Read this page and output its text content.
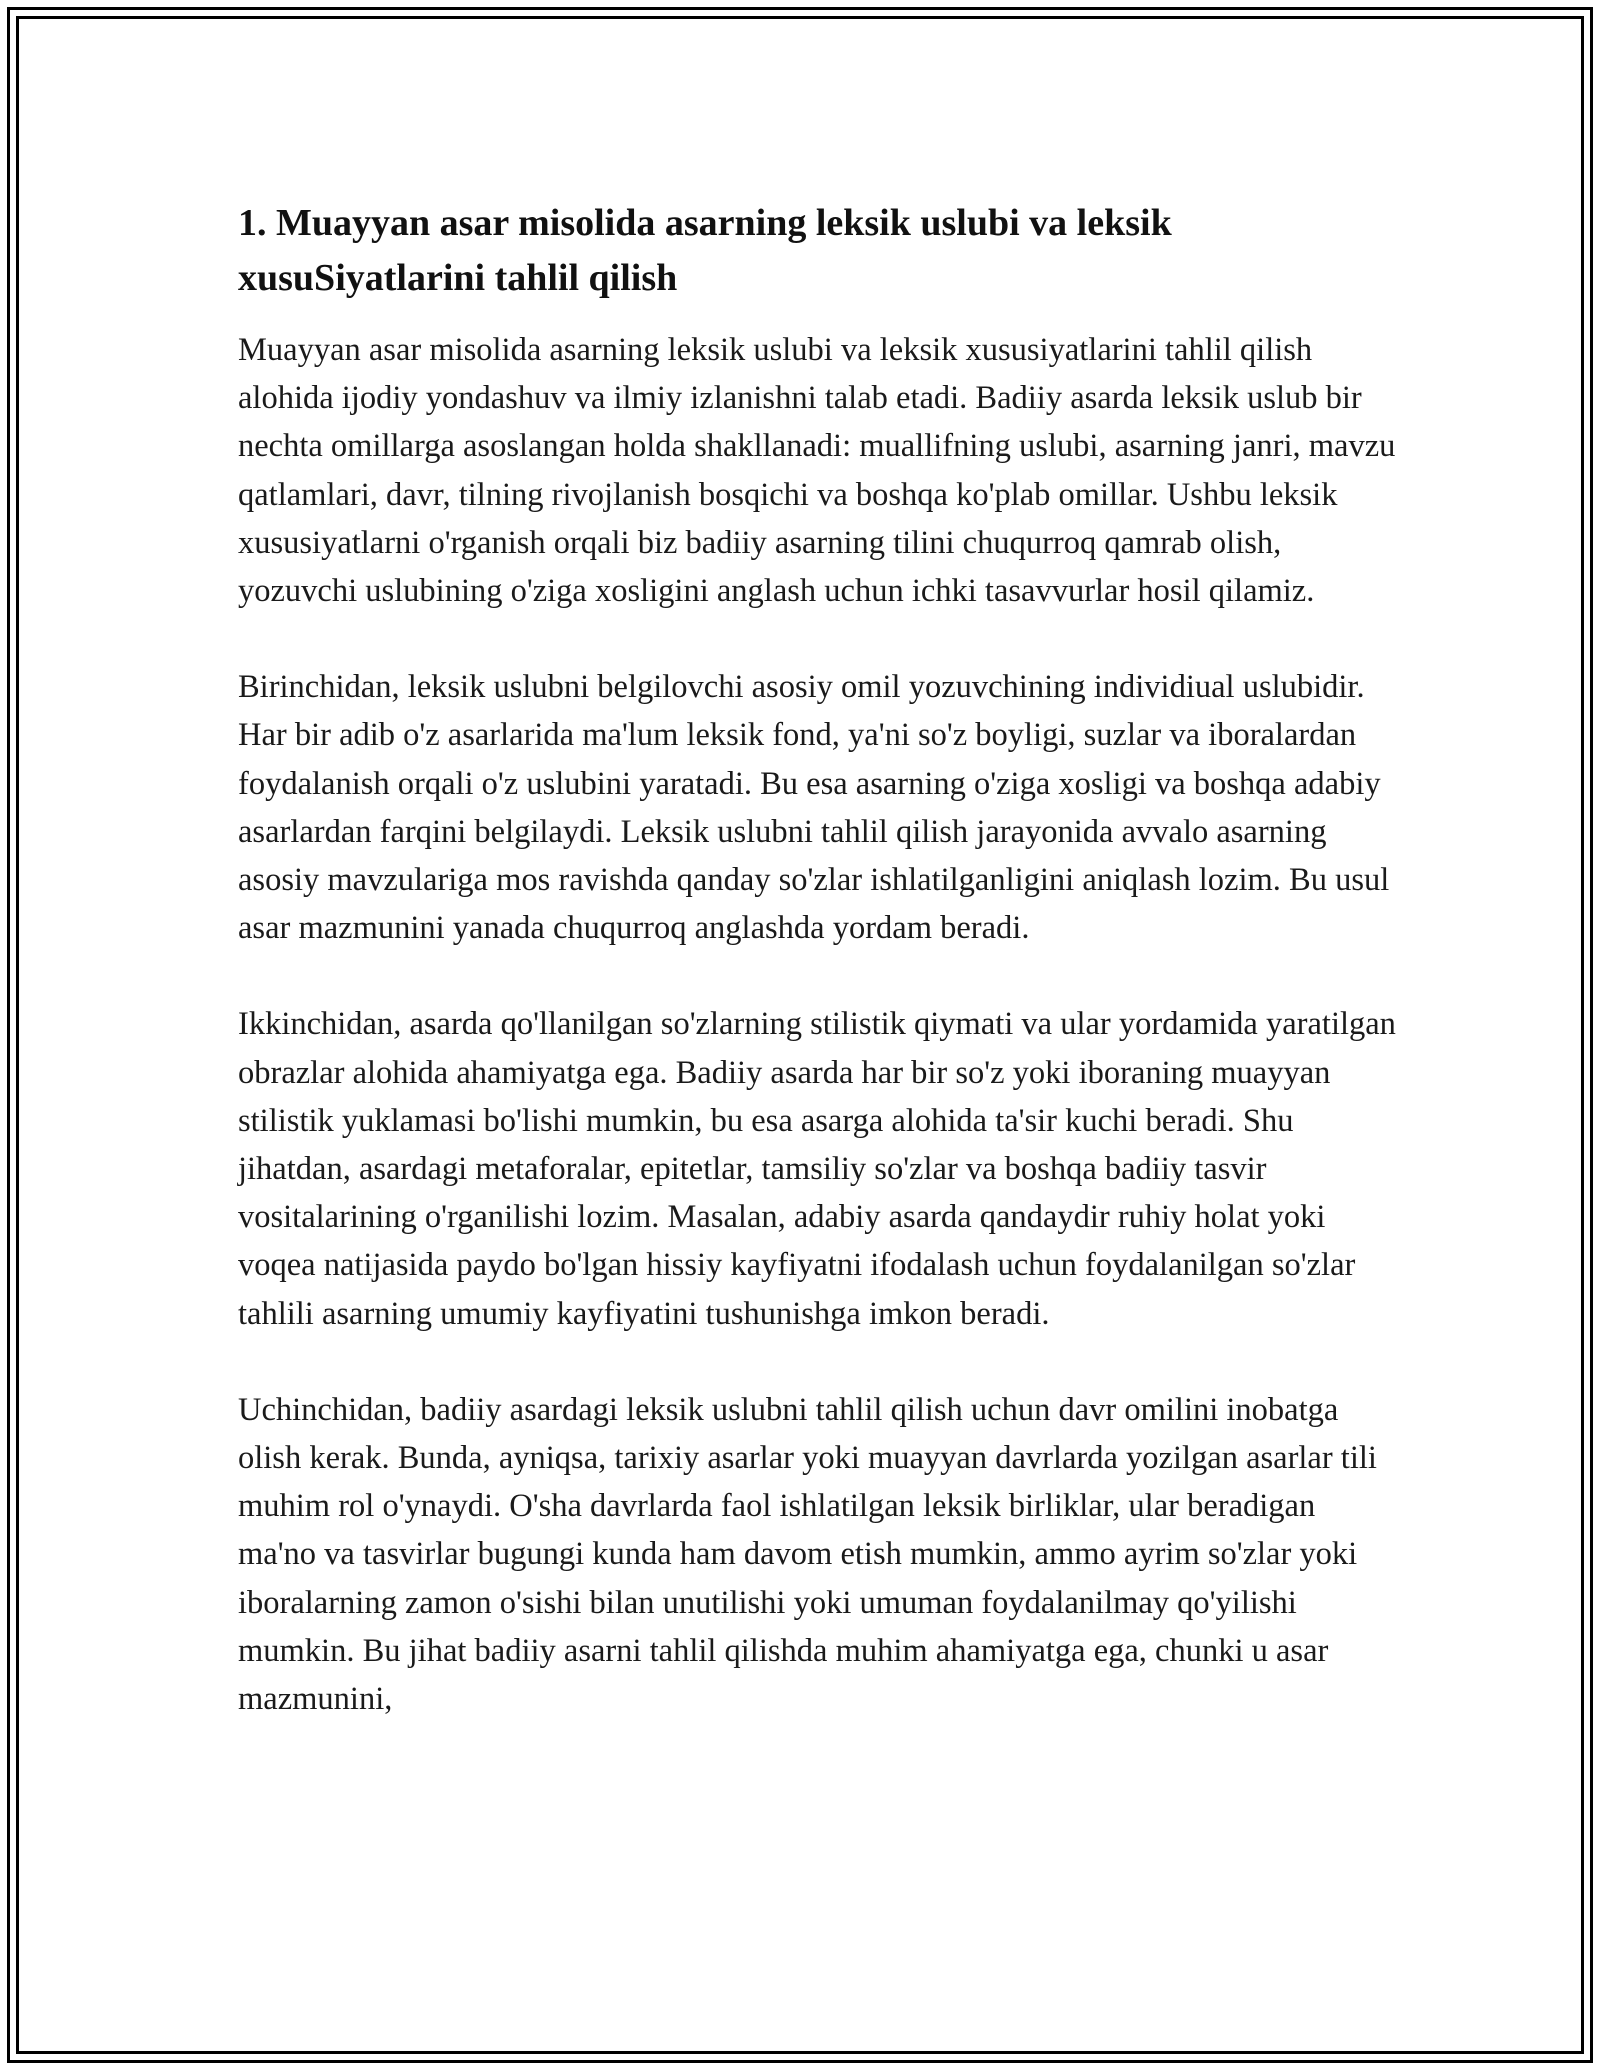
1. Muayyan asar misolida asarning leksik uslubi va leksik xusuSiyatlarini tahlil qilish

Muayyan asar misolida asarning leksik uslubi va leksik xususiyatlarini tahlil qilish alohida ijodiy yondashuv va ilmiy izlanishni talab etadi. Badiiy asarda leksik uslub bir nechta omillarga asoslangan holda shakllanadi: muallifning uslubi, asarning janri, mavzu qatlamlari, davr, tilning rivojlanish bosqichi va boshqa ko'plab omillar. Ushbu leksik xususiyatlarni o'rganish orqali biz badiiy asarning tilini chuqurroq qamrab olish, yozuvchi uslubining o'ziga xosligini anglash uchun ichki tasavvurlar hosil qilamiz.

Birinchidan, leksik uslubni belgilovchi asosiy omil yozuvchining individiual uslubidir. Har bir adib o'z asarlarida ma'lum leksik fond, ya'ni so'z boyligi, suzlar va iboralardan foydalanish orqali o'z uslubini yaratadi. Bu esa asarning o'ziga xosligi va boshqa adabiy asarlardan farqini belgilaydi. Leksik uslubni tahlil qilish jarayonida avvalo asarning asosiy mavzulariga mos ravishda qanday so'zlar ishlatilganligini aniqlash lozim. Bu usul asar mazmunini yanada chuqurroq anglashda yordam beradi.

Ikkinchidan, asarda qo'llanilgan so'zlarning stilistik qiymati va ular yordamida yaratilgan obrazlar alohida ahamiyatga ega. Badiiy asarda har bir so'z yoki iboraning muayyan stilistik yuklamasi bo'lishi mumkin, bu esa asarga alohida ta'sir kuchi beradi. Shu jihatdan, asardagi metaforalar, epitetlar, tamsiliy so'zlar va boshqa badiiy tasvir vositalarining o'rganilishi lozim. Masalan, adabiy asarda qandaydir ruhiy holat yoki voqea natijasida paydo bo'lgan hissiy kayfiyatni ifodalash uchun foydalanilgan so'zlar tahlili asarning umumiy kayfiyatini tushunishga imkon beradi.

Uchinchidan, badiiy asardagi leksik uslubni tahlil qilish uchun davr omilini inobatga olish kerak. Bunda, ayniqsa, tarixiy asarlar yoki muayyan davrlarda yozilgan asarlar tili muhim rol o'ynaydi. O'sha davrlarda faol ishlatilgan leksik birliklar, ular beradigan ma'no va tasvirlar bugungi kunda ham davom etish mumkin, ammo ayrim so'zlar yoki iboralarning zamon o'sishi bilan unutilishi yoki umuman foydalanilmay qo'yilishi mumkin. Bu jihat badiiy asarni tahlil qilishda muhim ahamiyatga ega, chunki u asar mazmunini,
